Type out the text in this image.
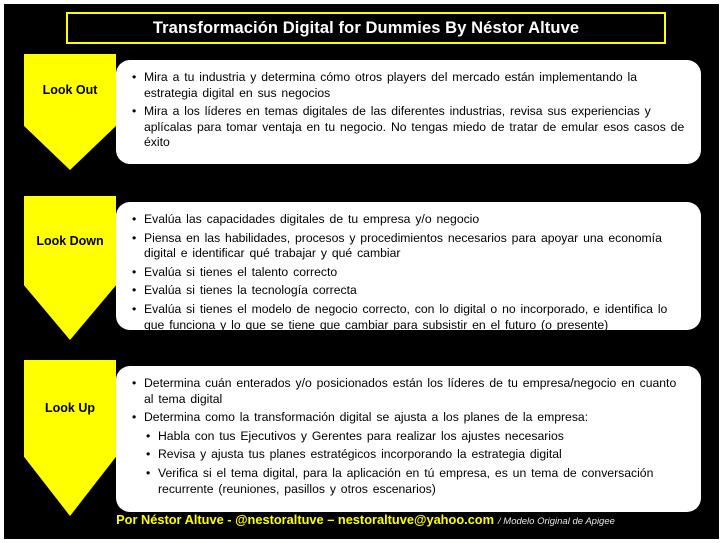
Transformación Digital for Dummies By Néstor Altuve
Look Out
• Mira a tu industria y determina cómo otros players del mercado están implementando la estrategia digital en sus negocios
• Mira a los líderes en temas digitales de las diferentes industrias, revisa sus experiencias y aplícalas para tomar ventaja en tu negocio. No tengas miedo de tratar de emular esos casos de éxito
Look Down
• Evalúa las capacidades digitales de tu empresa y/o negocio
• Piensa en las habilidades, procesos y procedimientos necesarios para apoyar una economía digital e identificar qué trabajar y qué cambiar
• Evalúa si tienes el talento correcto
• Evalúa si tienes la tecnología correcta
• Evalúa si tienes el modelo de negocio correcto, con lo digital o no incorporado, e identifica lo que funciona y lo que se tiene que cambiar para subsistir en el futuro (o presente)
Look Up
• Determina cuán enterados y/o posicionados están los líderes de tu empresa/negocio en cuanto al tema digital
• Determina como la transformación digital se ajusta a los planes de la empresa:
• Habla con tus Ejecutivos y Gerentes para realizar los ajustes necesarios
• Revisa y ajusta tus planes estratégicos incorporando la estrategia digital
• Verifica si el tema digital, para la aplicación en tú empresa, es un tema de conversación recurrente (reuniones, pasillos y otros escenarios)
Por Néstor Altuve - @nestoraltuve – nestoraltuve@yahoo.com / Modelo Original de Apigee
